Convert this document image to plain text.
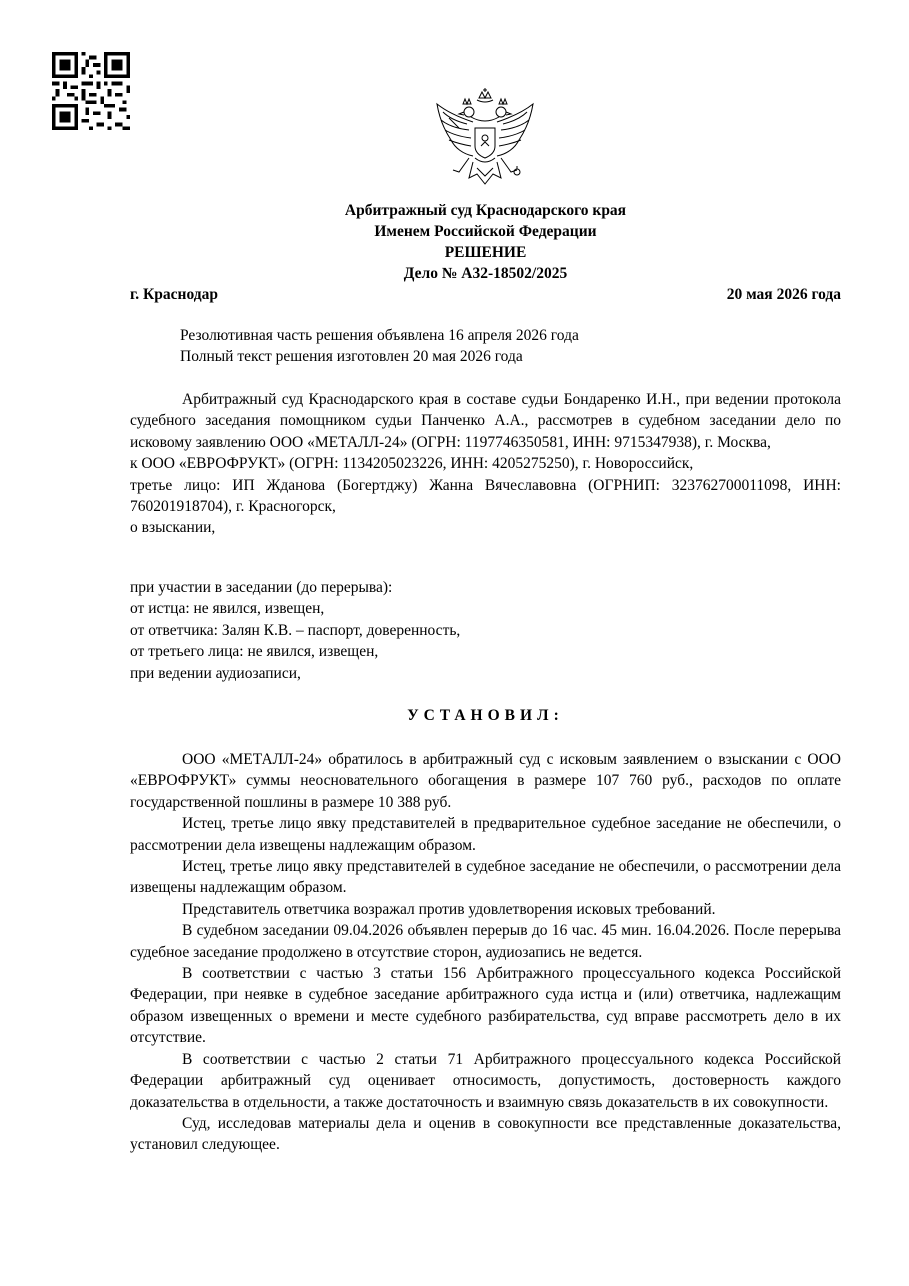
Арбитражный суд Краснодарского края
Именем Российской Федерации
РЕШЕНИЕ
Дело № А32-18502/2025
г. Краснодар	20 мая 2026 года
Резолютивная часть решения объявлена 16 апреля 2026 года
Полный текст решения изготовлен 20 мая 2026 года

Арбитражный суд Краснодарского края в составе судьи Бондаренко И.Н., при ведении протокола судебного заседания помощником судьи Панченко А.А., рассмотрев в судебном заседании дело по исковому заявлению ООО «МЕТАЛЛ-24» (ОГРН: 1197746350581, ИНН: 9715347938), г. Москва,

к ООО «ЕВРОФРУКТ» (ОГРН: 1134205023226, ИНН: 4205275250), г. Новороссийск,

третье лицо: ИП Жданова (Богертджу) Жанна Вячеславовна (ОГРНИП: 323762700011098, ИНН: 760201918704), г. Красногорск,

о взыскании,

при участии в заседании (до перерыва):

от истца: не явился, извещен,

от ответчика: Залян К.В. – паспорт, доверенность,

от третьего лица: не явился, извещен,

при ведении аудиозаписи,

УСТАНОВИЛ:

ООО «МЕТАЛЛ-24» обратилось в арбитражный суд с исковым заявлением о взыскании с ООО «ЕВРОФРУКТ» суммы неосновательного обогащения в размере 107 760 руб., расходов по оплате государственной пошлины в размере 10 388 руб.

Истец, третье лицо явку представителей в предварительное судебное заседание не обеспечили, о рассмотрении дела извещены надлежащим образом.

Истец, третье лицо явку представителей в судебное заседание не обеспечили, о рассмотрении дела извещены надлежащим образом.

Представитель ответчика возражал против удовлетворения исковых требований.

В судебном заседании 09.04.2026 объявлен перерыв до 16 час. 45 мин. 16.04.2026. После перерыва судебное заседание продолжено в отсутствие сторон, аудиозапись не ведется.

В соответствии с частью 3 статьи 156 Арбитражного процессуального кодекса Российской Федерации, при неявке в судебное заседание арбитражного суда истца и (или) ответчика, надлежащим образом извещенных о времени и месте судебного разбирательства, суд вправе рассмотреть дело в их отсутствие.

В соответствии с частью 2 статьи 71 Арбитражного процессуального кодекса Российской Федерации арбитражный суд оценивает относимость, допустимость, достоверность каждого доказательства в отдельности, а также достаточность и взаимную связь доказательств в их совокупности.

Суд, исследовав материалы дела и оценив в совокупности все представленные доказательства, установил следующее.
